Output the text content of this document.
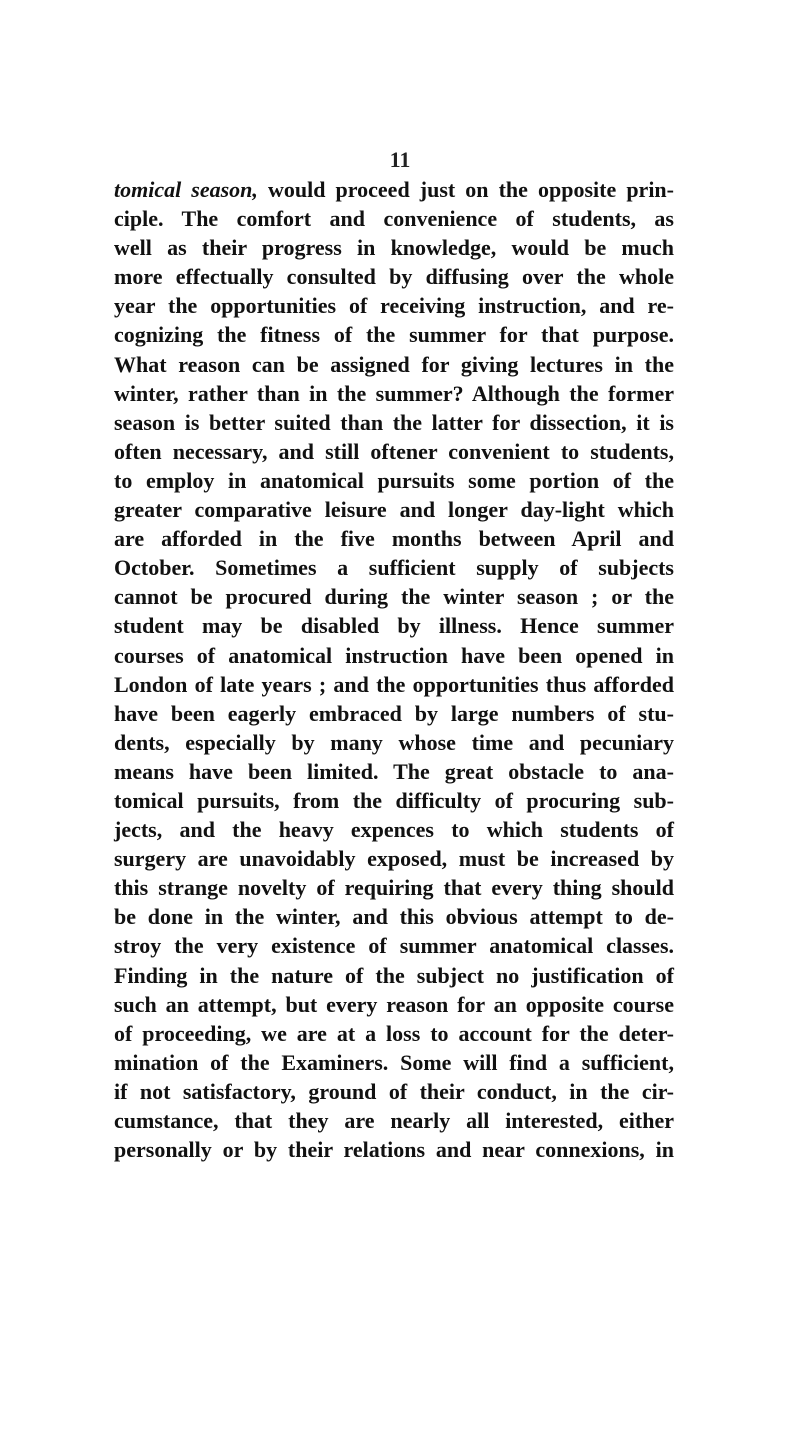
11
tomical season, would proceed just on the opposite prin-
ciple. The comfort and convenience of students, as
well as their progress in knowledge, would be much
more effectually consulted by diffusing over the whole
year the opportunities of receiving instruction, and re-
cognizing the fitness of the summer for that purpose.
What reason can be assigned for giving lectures in the
winter, rather than in the summer? Although the former
season is better suited than the latter for dissection, it is
often necessary, and still oftener convenient to students,
to employ in anatomical pursuits some portion of the
greater comparative leisure and longer day-light which
are afforded in the five months between April and
October. Sometimes a sufficient supply of subjects
cannot be procured during the winter season ; or the
student may be disabled by illness. Hence summer
courses of anatomical instruction have been opened in
London of late years ; and the opportunities thus afforded
have been eagerly embraced by large numbers of stu-
dents, especially by many whose time and pecuniary
means have been limited. The great obstacle to ana-
tomical pursuits, from the difficulty of procuring sub-
jects, and the heavy expences to which students of
surgery are unavoidably exposed, must be increased by
this strange novelty of requiring that every thing should
be done in the winter, and this obvious attempt to de-
stroy the very existence of summer anatomical classes.
Finding in the nature of the subject no justification of
such an attempt, but every reason for an opposite course
of proceeding, we are at a loss to account for the deter-
mination of the Examiners. Some will find a sufficient,
if not satisfactory, ground of their conduct, in the cir-
cumstance, that they are nearly all interested, either
personally or by their relations and near connexions, in
